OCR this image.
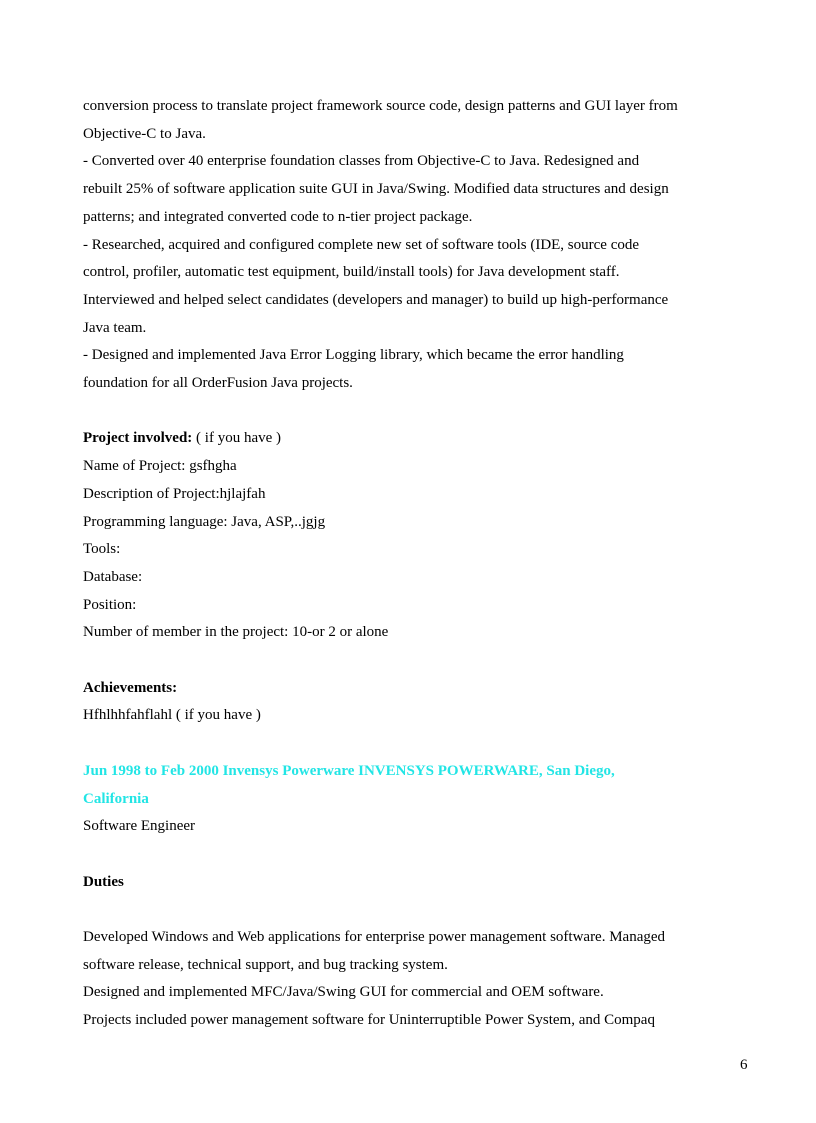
conversion process to translate project framework source code, design patterns and GUI layer from
Objective-C to Java.
- Converted over 40 enterprise foundation classes from Objective-C to Java. Redesigned and
rebuilt 25% of software application suite GUI in Java/Swing. Modified data structures and design
patterns; and integrated converted code to n-tier project package.
- Researched, acquired and configured complete new set of software tools (IDE, source code
control, profiler, automatic test equipment, build/install tools) for Java development staff.
Interviewed and helped select candidates (developers and manager) to build up high-performance
Java team.
- Designed and implemented Java Error Logging library, which became the error handling
foundation for all OrderFusion Java projects.
Project involved: ( if you have )
Name of Project: gsfhgha
Description of Project:hjlajfah
Programming language: Java, ASP,..jgjg
Tools:
Database:
Position:
Number of member in the project: 10-or 2 or alone
Achievements:
Hfhlhhfahflahl ( if you have )
Jun 1998 to Feb 2000 Invensys Powerware INVENSYS POWERWARE, San Diego,
California
Software Engineer
Duties
Developed Windows and Web applications for enterprise power management software. Managed
software release, technical support, and bug tracking system.
Designed and implemented MFC/Java/Swing GUI for commercial and OEM software.
Projects included power management software for Uninterruptible Power System, and Compaq
6
